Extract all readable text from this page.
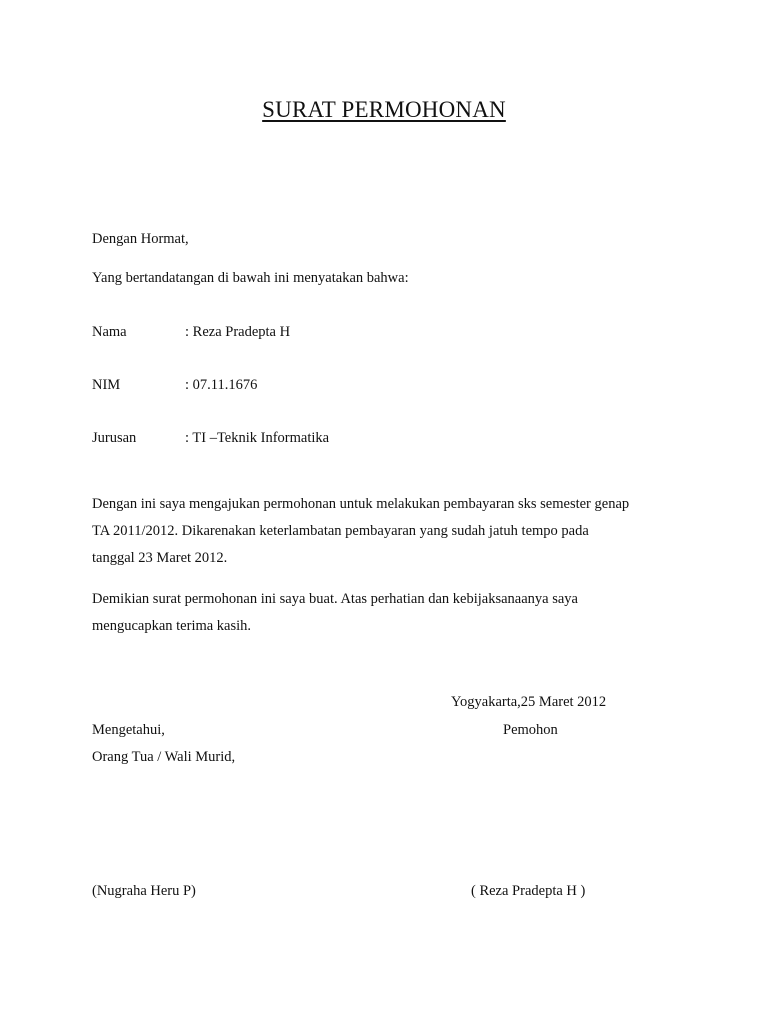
SURAT PERMOHONAN
Dengan Hormat,
Yang bertandatangan di bawah ini menyatakan bahwa:
Nama	: Reza Pradepta H
NIM	: 07.11.1676
Jurusan	: TI –Teknik Informatika
Dengan ini saya mengajukan permohonan untuk melakukan pembayaran sks semester genap
TA 2011/2012. Dikarenakan keterlambatan pembayaran yang sudah jatuh tempo pada
tanggal 23 Maret 2012.
Demikian surat permohonan ini saya buat. Atas perhatian dan kebijaksanaanya saya
mengucapkan terima kasih.
Yogyakarta,25 Maret 2012
Mengetahui,
Orang Tua / Wali Murid,
(Nugraha Heru P)
Pemohon
( Reza Pradepta H )
